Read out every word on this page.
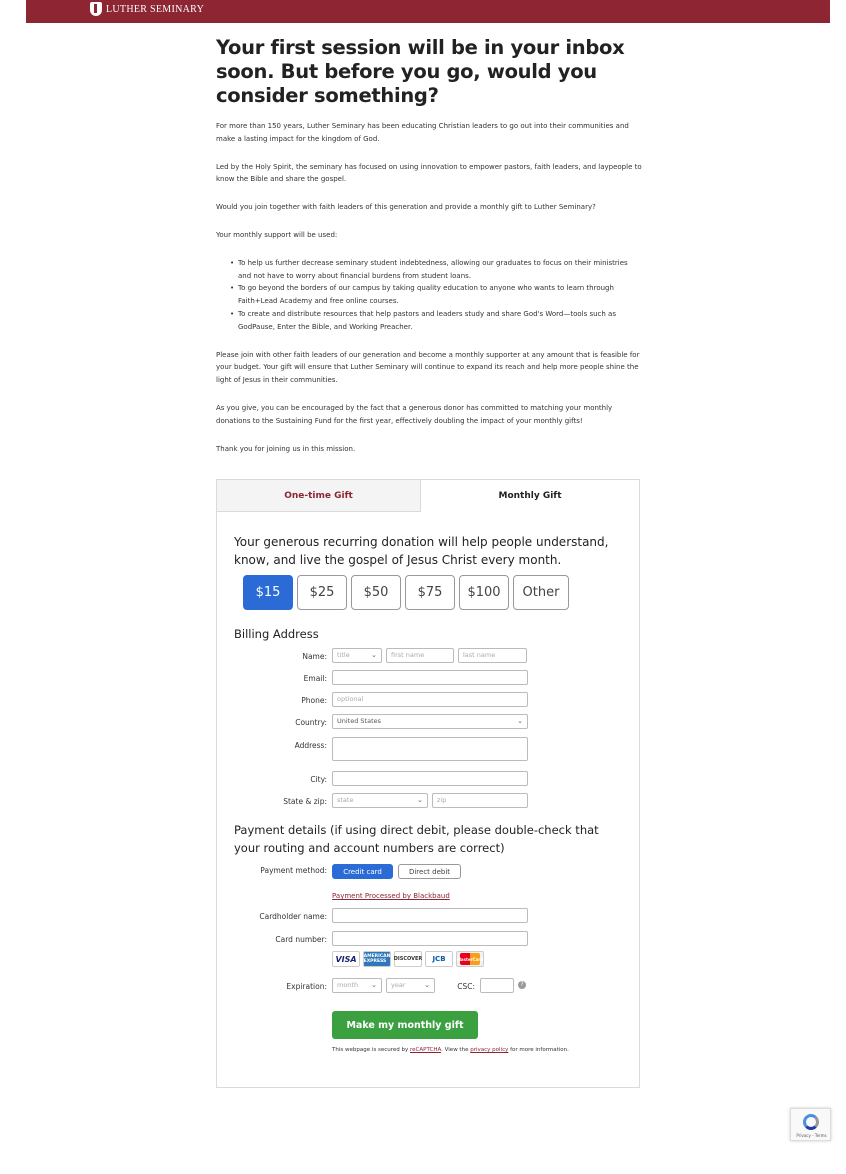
LUTHER SEMINARY
Your first session will be in your inbox soon. But before you go, would you consider something?

For more than 150 years, Luther Seminary has been educating Christian leaders to go out into their communities and make a lasting impact for the kingdom of God.

Led by the Holy Spirit, the seminary has focused on using innovation to empower pastors, faith leaders, and laypeople to know the Bible and share the gospel.

Would you join together with faith leaders of this generation and provide a monthly gift to Luther Seminary?

Your monthly support will be used:

• To help us further decrease seminary student indebtedness, allowing our graduates to focus on their ministries and not have to worry about financial burdens from student loans.
• To go beyond the borders of our campus by taking quality education to anyone who wants to learn through Faith+Lead Academy and free online courses.
• To create and distribute resources that help pastors and leaders study and share God's Word—tools such as GodPause, Enter the Bible, and Working Preacher.

Please join with other faith leaders of our generation and become a monthly supporter at any amount that is feasible for your budget. Your gift will ensure that Luther Seminary will continue to expand its reach and help more people shine the light of Jesus in their communities.

As you give, you can be encouraged by the fact that a generous donor has committed to matching your monthly donations to the Sustaining Fund for the first year, effectively doubling the impact of your monthly gifts!

Thank you for joining us in this mission.

One-time Gift	Monthly Gift
Your generous recurring donation will help people understand, know, and live the gospel of Jesus Christ every month.
$15	$25	$50	$75	$100	Other
Billing Address
Name:	title	⌄	first name	last name
Email:
Phone:	optional
Country:	United States	⌄
Address:
City:
State & zip:	state	⌄	zip
Payment details (if using direct debit, please double-check that your routing and account numbers are correct)
Payment method:	Credit card	Direct debit
Payment Processed by Blackbaud
Cardholder name:
Card number:
VISA	AMERICAN EXPRESS	DISCOVER	JCB	MasterCard
Expiration:	month ⌄	year	⌄	CSC:	?
Make my monthly gift
This webpage is secured by reCAPTCHA. View the privacy policy for more information.
Privacy - Terms
